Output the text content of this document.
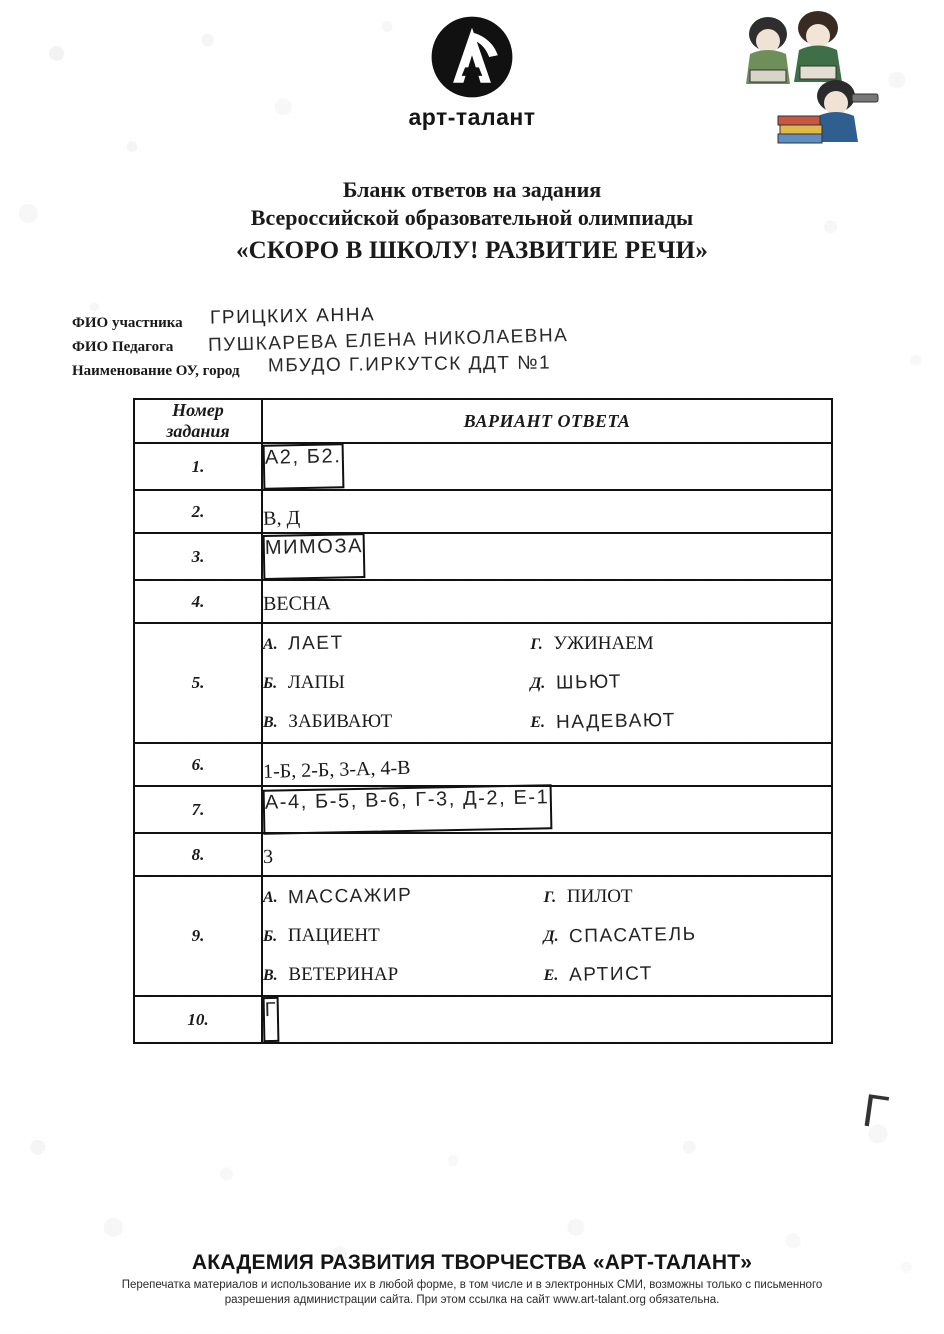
арт-талант
Бланк ответов на задания
Всероссийской образовательной олимпиады
«СКОРО В ШКОЛУ! РАЗВИТИЕ РЕЧИ»
ФИО участника ГРИЦКИХ АННА
ФИО Педагога ПУШКАРЕВА ЕЛЕНА НИКОЛАЕВНА
Наименование ОУ, город МБУДО Г.ИРКУТСК ДДТ №1
Номер
задания
	ВАРИАНТ ОТВЕТА
1.		А2, Б2.
2.	В, Д
3.		МИМОЗА
4.	ВЕСНА
5.	
А. ЛАЕТ	Г. УЖИНАЕМ
Б. ЛАПЫ	Д. ШЬЮТ
В. ЗАБИВАЮТ	Е. НАДЕВАЮТ

6.	1-Б, 2-Б, 3-А, 4-В
7.		А-4, Б-5, В-6, Г-3, Д-2, Е-1
8.	3
9.	
А. МАССАЖИР	Г. ПИЛОТ
Б. ПАЦИЕНТ	Д. СПАСАТЕЛЬ
В. ВЕТЕРИНАР	Е. АРТИСТ

10.		Г
Г
АКАДЕМИЯ РАЗВИТИЯ ТВОРЧЕСТВА «АРТ-ТАЛАНТ»
Перепечатка материалов и использование их в любой форме, в том числе и в электронных СМИ, возможны только с письменного разрешения администрации сайта. При этом ссылка на сайт www.art-talant.org обязательна.
